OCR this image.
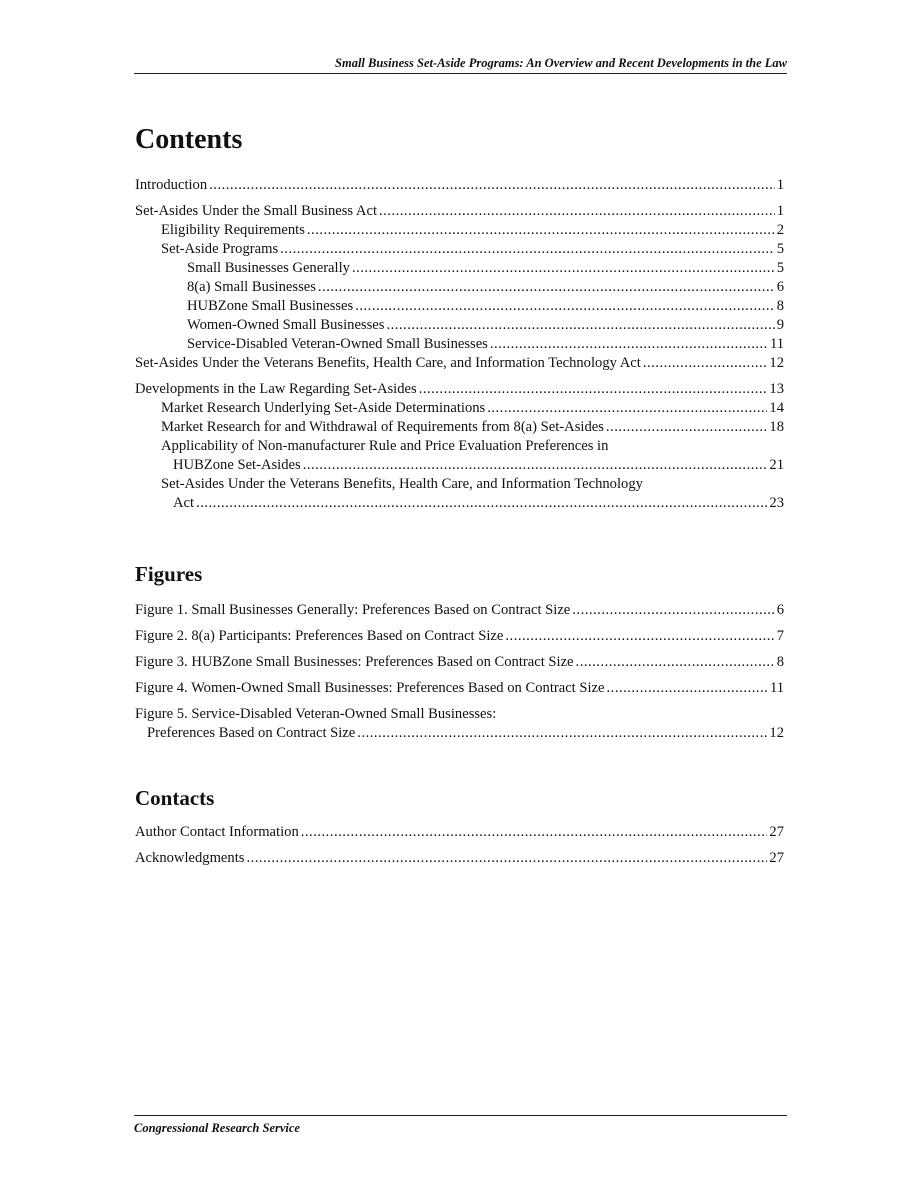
Small Business Set-Aside Programs: An Overview and Recent Developments in the Law
Contents
Introduction .....	1
Set-Asides Under the Small Business Act .....	1
Eligibility Requirements .....	2
Set-Aside Programs .....	5
Small Businesses Generally .....	5
8(a) Small Businesses .....	6
HUBZone Small Businesses .....	8
Women-Owned Small Businesses .....	9
Service-Disabled Veteran-Owned Small Businesses .....	11
Set-Asides Under the Veterans Benefits, Health Care, and Information Technology Act .....	12
Developments in the Law Regarding Set-Asides .....	13
Market Research Underlying Set-Aside Determinations .....	14
Market Research for and Withdrawal of Requirements from 8(a) Set-Asides .....	18
Applicability of Non-manufacturer Rule and Price Evaluation Preferences in
HUBZone Set-Asides .....	21
Set-Asides Under the Veterans Benefits, Health Care, and Information Technology
Act .....	23
Figures
Figure 1. Small Businesses Generally: Preferences Based on Contract Size .....	6
Figure 2. 8(a) Participants: Preferences Based on Contract Size .....	7
Figure 3. HUBZone Small Businesses: Preferences Based on Contract Size .....	8
Figure 4. Women-Owned Small Businesses: Preferences Based on Contract Size .....	11
Figure 5. Service-Disabled Veteran-Owned Small Businesses:
Preferences Based on Contract Size .....	12
Contacts
Author Contact Information .....	27
Acknowledgments .....	27
Congressional Research Service
